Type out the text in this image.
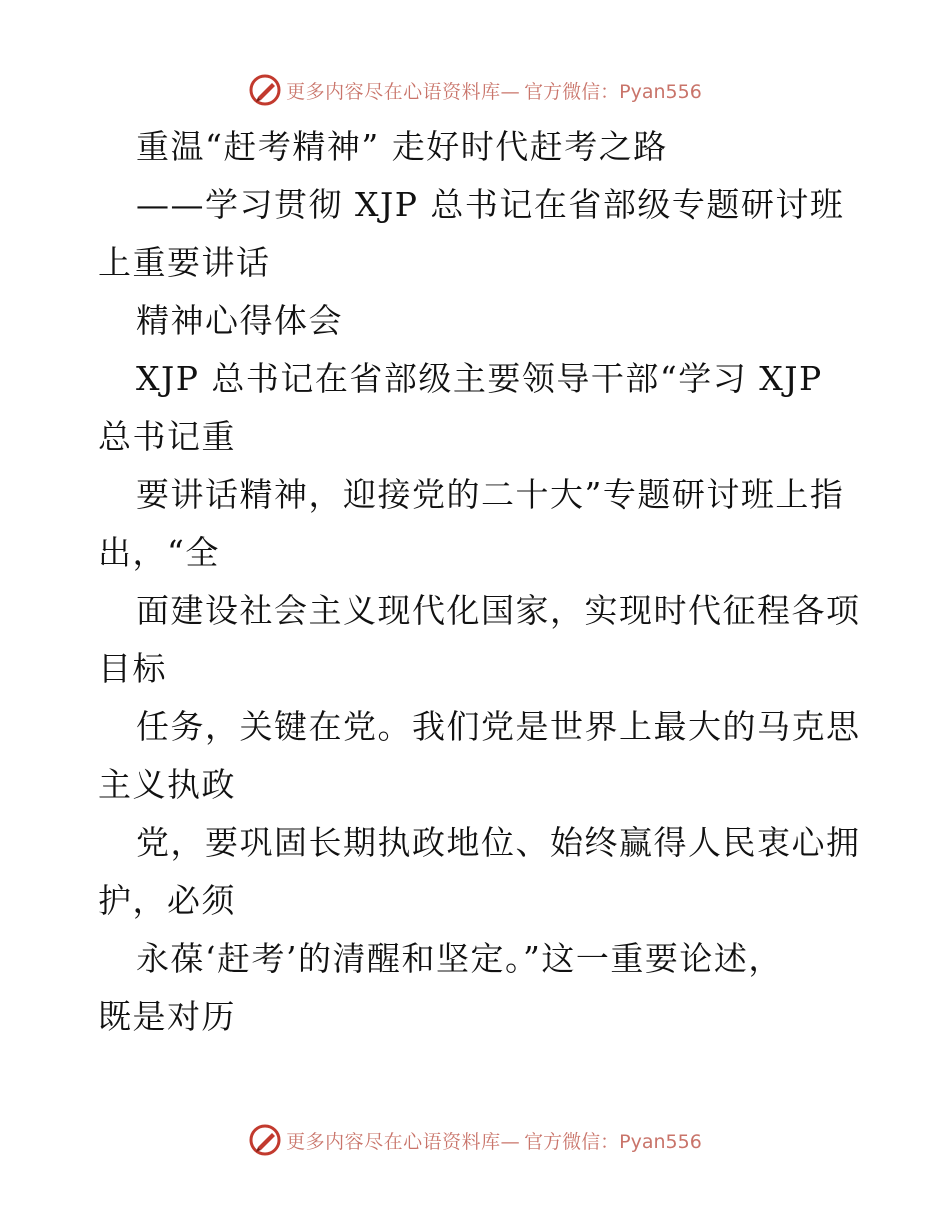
更多内容尽在心语资料库— 官方微信：Pyan556
重温“赶考精神” 走好时代赶考之路
——学习贯彻 XJP 总书记在省部级专题研讨班
上重要讲话
精神心得体会
XJP 总书记在省部级主要领导干部“学习 XJP
总书记重
要讲话精神，迎接党的二十大”专题研讨班上指
出，“全
面建设社会主义现代化国家，实现时代征程各项
目标
任务，关键在党。我们党是世界上最大的马克思
主义执政
党，要巩固长期执政地位、始终赢得人民衷心拥
护，必须
永葆‘赶考’的清醒和坚定。”这一重要论述，
既是对历
更多内容尽在心语资料库— 官方微信：Pyan556
